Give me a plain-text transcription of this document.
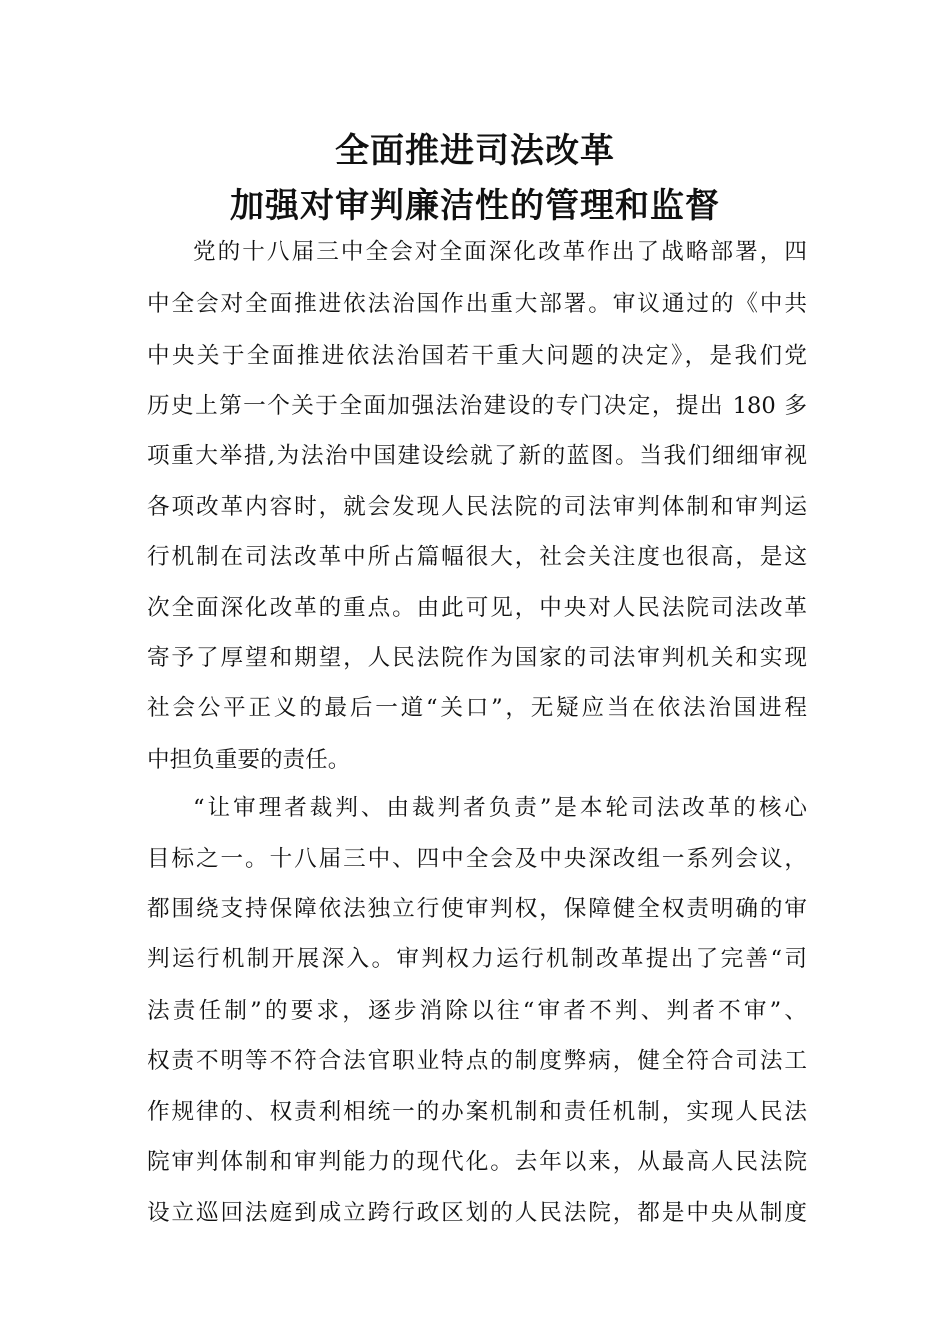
全面推进司法改革
加强对审判廉洁性的管理和监督
党的十八届三中全会对全面深化改革作出了战略部署，四
中全会对全面推进依法治国作出重大部署。审议通过的《中共
中央关于全面推进依法治国若干重大问题的决定》，是我们党
历史上第一个关于全面加强法治建设的专门决定，提出 180 多
项重大举措,为法治中国建设绘就了新的蓝图。当我们细细审视
各项改革内容时，就会发现人民法院的司法审判体制和审判运
行机制在司法改革中所占篇幅很大，社会关注度也很高，是这
次全面深化改革的重点。由此可见，中央对人民法院司法改革
寄予了厚望和期望，人民法院作为国家的司法审判机关和实现
社会公平正义的最后一道“关口”，无疑应当在依法治国进程
中担负重要的责任。
“让审理者裁判、由裁判者负责”是本轮司法改革的核心
目标之一。十八届三中、四中全会及中央深改组一系列会议，
都围绕支持保障依法独立行使审判权，保障健全权责明确的审
判运行机制开展深入。审判权力运行机制改革提出了完善“司
法责任制”的要求，逐步消除以往“审者不判、判者不审”、
权责不明等不符合法官职业特点的制度弊病，健全符合司法工
作规律的、权责利相统一的办案机制和责任机制，实现人民法
院审判体制和审判能力的现代化。去年以来，从最高人民法院
设立巡回法庭到成立跨行政区划的人民法院，都是中央从制度
